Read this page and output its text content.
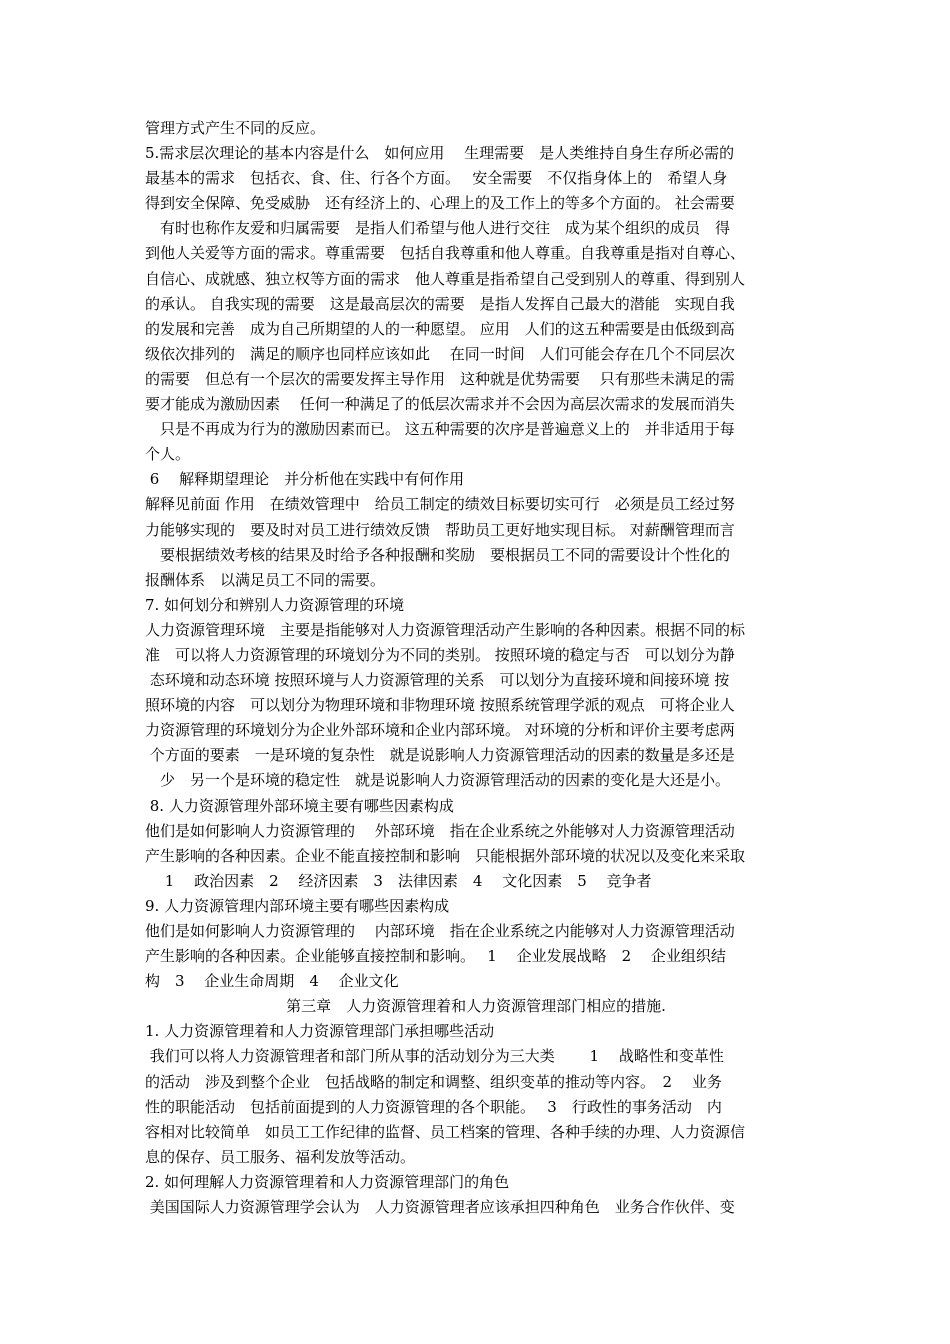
管理方式产生不同的反应。
5.需求层次理论的基本内容是什么　如何应用　 生理需要　是人类维持自身生存所必需的
最基本的需求　包括衣、食、住、行各个方面。　 安全需要　不仅指身体上的　希望人身
得到安全保障、免受威胁　还有经济上的、心理上的及工作上的等多个方面的。 社会需要
　有时也称作友爱和归属需要　是指人们希望与他人进行交往　成为某个组织的成员　得
到他人关爱等方面的需求。尊重需要　包括自我尊重和他人尊重。自我尊重是指对自尊心、
自信心、成就感、独立权等方面的需求　他人尊重是指希望自己受到别人的尊重、得到别人
的承认。 自我实现的需要　这是最高层次的需要　是指人发挥自己最大的潜能　实现自我
的发展和完善　成为自己所期望的人的一种愿望。 应用　人们的这五种需要是由低级到高
级依次排列的　满足的顺序也同样应该如此　 在同一时间　人们可能会存在几个不同层次
的需要　但总有一个层次的需要发挥主导作用　这种就是优势需要　 只有那些未满足的需
要才能成为激励因素　 任何一种满足了的低层次需求并不会因为高层次需求的发展而消失
　只是不再成为行为的激励因素而已。 这五种需要的次序是普遍意义上的　并非适用于每
个人。
6　 解释期望理论　并分析他在实践中有何作用
解释见前面 作用　在绩效管理中　给员工制定的绩效目标要切实可行　必须是员工经过努
力能够实现的　要及时对员工进行绩效反馈　帮助员工更好地实现目标。 对薪酬管理而言
　要根据绩效考核的结果及时给予各种报酬和奖励　要根据员工不同的需要设计个性化的
报酬体系　以满足员工不同的需要。
7. 如何划分和辨别人力资源管理的环境
人力资源管理环境　主要是指能够对人力资源管理活动产生影响的各种因素。根据不同的标
准　可以将人力资源管理的环境划分为不同的类别。 按照环境的稳定与否　可以划分为静
态环境和动态环境 按照环境与人力资源管理的关系　可以划分为直接环境和间接环境 按
照环境的内容　可以划分为物理环境和非物理环境 按照系统管理学派的观点　可将企业人
力资源管理的环境划分为企业外部环境和企业内部环境。 对环境的分析和评价主要考虑两
个方面的要素　一是环境的复杂性　就是说影响人力资源管理活动的因素的数量是多还是
　少　另一个是环境的稳定性　就是说影响人力资源管理活动的因素的变化是大还是小。
8. 人力资源管理外部环境主要有哪些因素构成
他们是如何影响人力资源管理的　 外部环境　指在企业系统之外能够对人力资源管理活动
产生影响的各种因素。企业不能直接控制和影响　只能根据外部环境的状况以及变化来采取
　 1　 政治因素　2　 经济因素　3　法律因素　4　 文化因素　5　 竞争者
9. 人力资源管理内部环境主要有哪些因素构成
他们是如何影响人力资源管理的　 内部环境　指在企业系统之内能够对人力资源管理活动
产生影响的各种因素。企业能够直接控制和影响。　 1　 企业发展战略　2　 企业组织结
构　3　 企业生命周期　4　 企业文化
第三章　人力资源管理着和人力资源管理部门相应的措施.
1. 人力资源管理着和人力资源管理部门承担哪些活动
我们可以将人力资源管理者和部门所从事的活动划分为三大类　　 1　 战略性和变革性
的活动　涉及到整个企业　包括战略的制定和调整、组织变革的推动等内容。　2　 业务
性的职能活动　包括前面提到的人力资源管理的各个职能。　 3　行政性的事务活动　内
容相对比较简单　如员工工作纪律的监督、员工档案的管理、各种手续的办理、人力资源信
息的保存、员工服务、福利发放等活动。
2. 如何理解人力资源管理着和人力资源管理部门的角色
美国国际人力资源管理学会认为　人力资源管理者应该承担四种角色　业务合作伙伴、变
